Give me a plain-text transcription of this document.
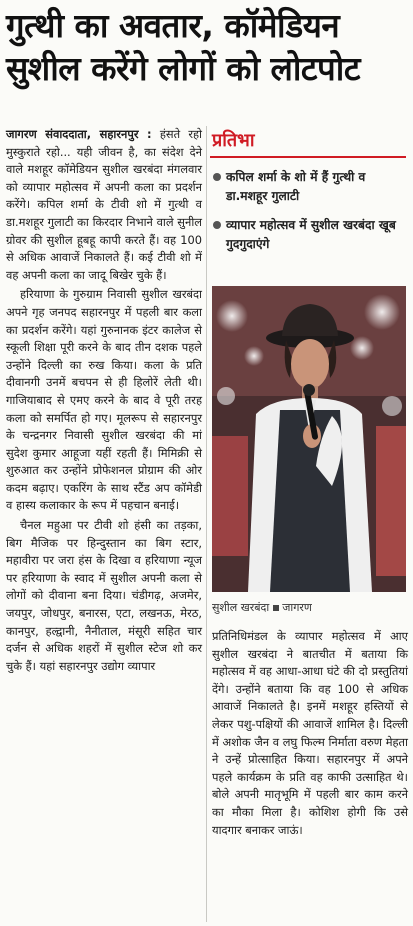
गुत्थी का अवतार, कॉमेडियन
सुशील करेंगे लोगों को लोटपोट

जागरण संवाददाता, सहारनपुर : हंसते रहो मुस्कुराते रहो... यही जीवन है, का संदेश देने वाले मशहूर कॉमेडियन सुशील खरबंदा मंगलवार को व्यापार महोत्सव में अपनी कला का प्रदर्शन करेंगे। कपिल शर्मा के टीवी शो में गुत्थी व डा.मशहूर गुलाटी का किरदार निभाने वाले सुनील ग्रोवर की सुशील हूबहू कापी करते हैं। वह 100 से अधिक आवाजें निकालते हैं। कई टीवी शो में वह अपनी कला का जादू बिखेर चुके हैं।

हरियाणा के गुरुग्राम निवासी सुशील खरबंदा अपने गृह जनपद सहारनपुर में पहली बार कला का प्रदर्शन करेंगे। यहां गुरुनानक इंटर कालेज से स्कूली शिक्षा पूरी करने के बाद तीन दशक पहले उन्होंने दिल्ली का रुख किया। कला के प्रति दीवानगी उनमें बचपन से ही हिलोरें लेती थी। गाजियाबाद से एमए करने के बाद वे पूरी तरह कला को समर्पित हो गए। मूलरूप से सहारनपुर के चन्द्रनगर निवासी सुशील खरबंदा की मां सुदेश कुमार आहूजा यहीं रहती हैं। मिमिक्री से शुरुआत कर उन्होंने प्रोफेशनल प्रोग्राम की ओर कदम बढ़ाए। एकरिंग के साथ स्टैंड अप कॉमेडी व हास्य कलाकार के रूप में पहचान बनाई।

चैनल महुआ पर टीवी शो हंसी का तड़का, बिग मैजिक पर हिन्दुस्तान का बिग स्टार, महावीरा पर जरा हंस के दिखा व हरियाणा न्यूज पर हरियाणा के स्वाद में सुशील अपनी कला से लोगों को दीवाना बना दिया। चंडीगढ़, अजमेर, जयपुर, जोधपुर, बनारस, एटा, लखनऊ, मेरठ, कानपुर, हल्द्वानी, नैनीताल, मंसूरी सहित चार दर्जन से अधिक शहरों में सुशील स्टेज शो कर चुके हैं। यहां सहारनपुर उद्योग व्यापार

प्रतिभा
कपिल शर्मा के शो में हैं गुत्थी व डा.मशहूर गुलाटी
व्यापार महोत्सव में सुशील खरबंदा खूब गुदगुदाएंगे
सुशील खरबंदा जागरण

प्रतिनिधिमंडल के व्यापार महोत्सव में आए सुशील खरबंदा ने बातचीत में बताया कि महोत्सव में वह आधा-आधा घंटे की दो प्रस्तुतियां देंगे। उन्होंने बताया कि वह 100 से अधिक आवाजें निकालते है। इनमें मशहूर हस्तियों से लेकर पशु-पक्षियों की आवाजें शामिल है। दिल्ली में अशोक जैन व लघु फिल्म निर्माता वरुण मेहता ने उन्हें प्रोत्साहित किया। सहारनपुर में अपने पहले कार्यक्रम के प्रति वह काफी उत्साहित थे। बोले अपनी मातृभूमि में पहली बार काम करने का मौका मिला है। कोशिश होगी कि उसे यादगार बनाकर जाऊं।
